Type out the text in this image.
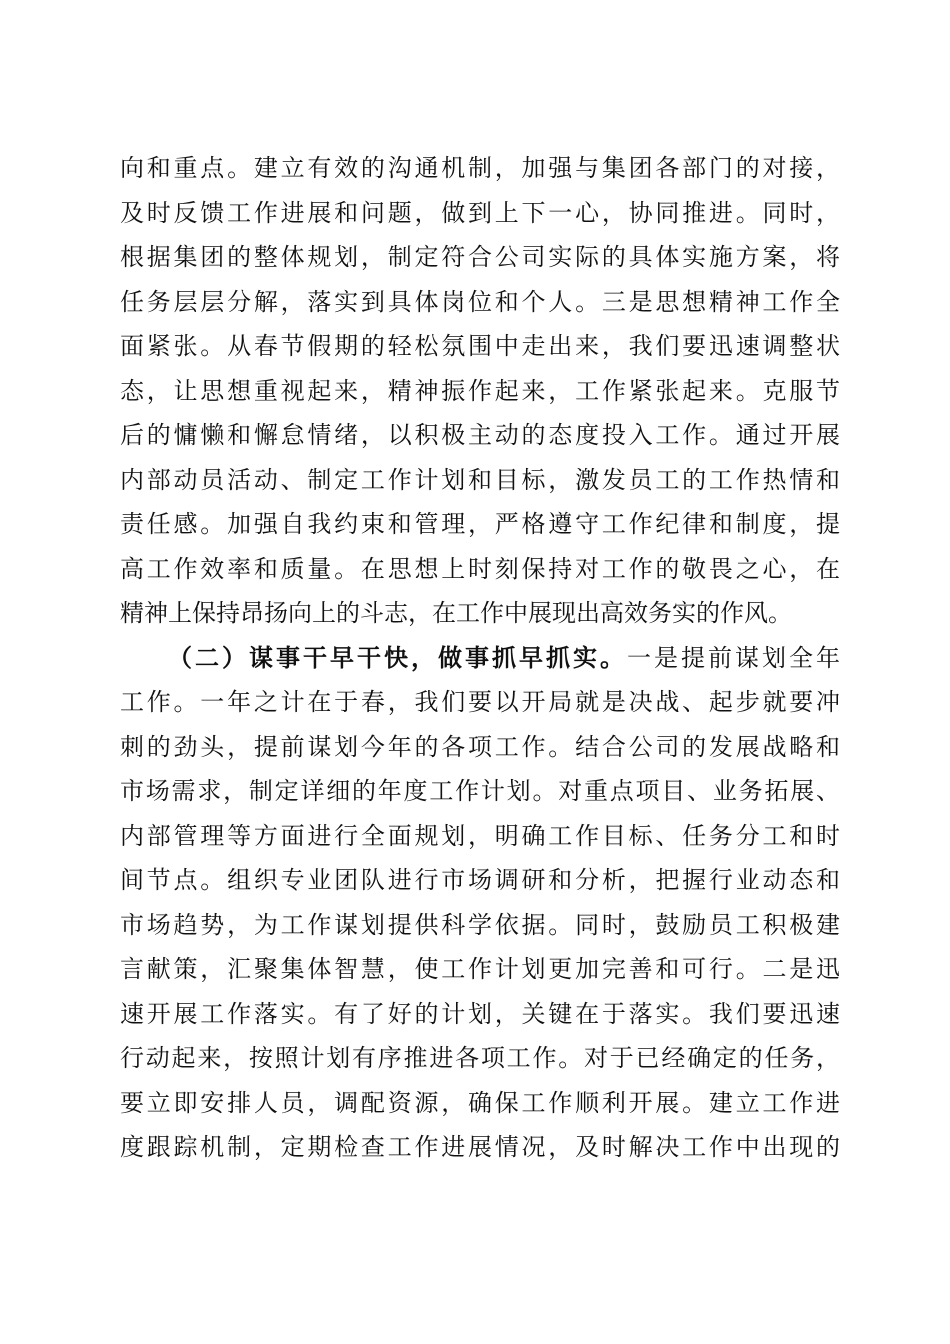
向和重点。建立有效的沟通机制，加强与集团各部门的对接，
及时反馈工作进展和问题，做到上下一心，协同推进。同时，
根据集团的整体规划，制定符合公司实际的具体实施方案，将
任务层层分解，落实到具体岗位和个人。三是思想精神工作全
面紧张。从春节假期的轻松氛围中走出来，我们要迅速调整状
态，让思想重视起来，精神振作起来，工作紧张起来。克服节
后的慵懒和懈怠情绪，以积极主动的态度投入工作。通过开展
内部动员活动、制定工作计划和目标，激发员工的工作热情和
责任感。加强自我约束和管理，严格遵守工作纪律和制度，提
高工作效率和质量。在思想上时刻保持对工作的敬畏之心，在
精神上保持昂扬向上的斗志，在工作中展现出高效务实的作风。
（二）谋事干早干快，做事抓早抓实。一是提前谋划全年
工作。一年之计在于春，我们要以开局就是决战、起步就要冲
刺的劲头，提前谋划今年的各项工作。结合公司的发展战略和
市场需求，制定详细的年度工作计划。对重点项目、业务拓展、
内部管理等方面进行全面规划，明确工作目标、任务分工和时
间节点。组织专业团队进行市场调研和分析，把握行业动态和
市场趋势，为工作谋划提供科学依据。同时，鼓励员工积极建
言献策，汇聚集体智慧，使工作计划更加完善和可行。二是迅
速开展工作落实。有了好的计划，关键在于落实。我们要迅速
行动起来，按照计划有序推进各项工作。对于已经确定的任务，
要立即安排人员，调配资源，确保工作顺利开展。建立工作进
度跟踪机制，定期检查工作进展情况，及时解决工作中出现的
